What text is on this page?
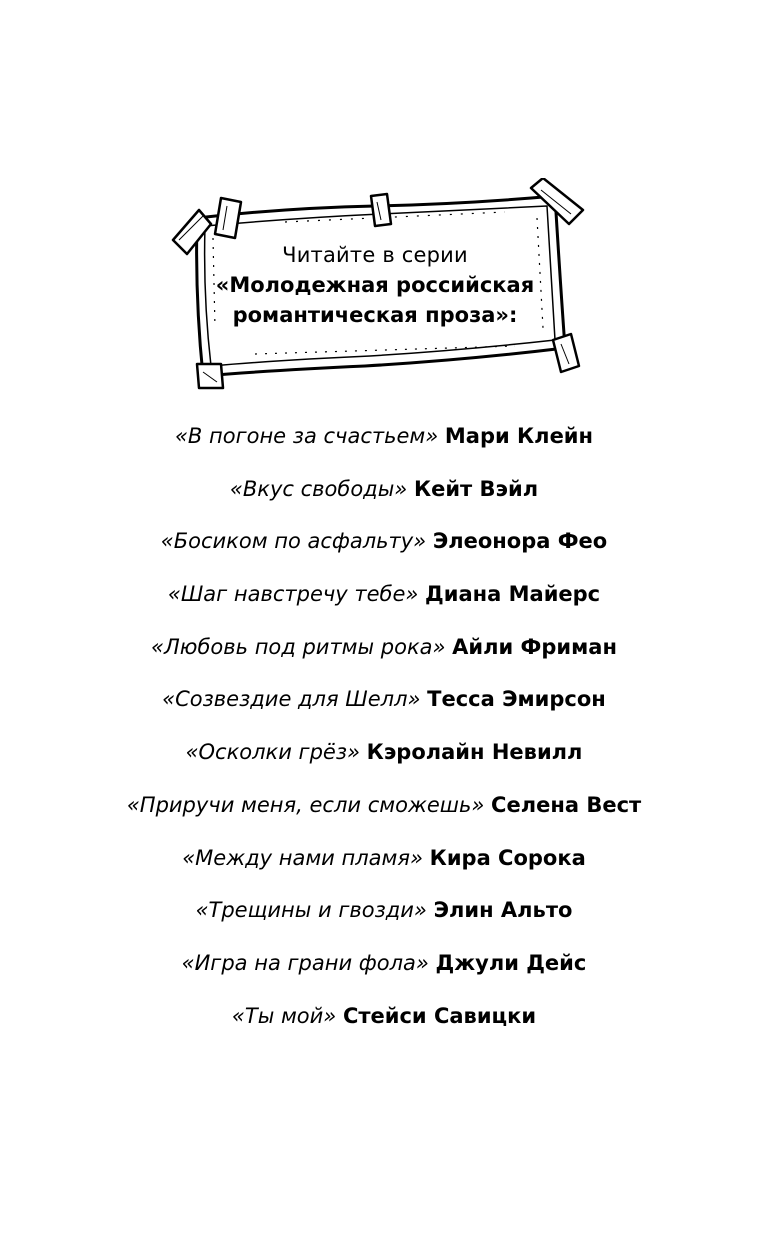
Читайте в серии
«Молодежная российская
романтическая проза»:
«В погоне за счастьем» Мари Клейн
«Вкус свободы» Кейт Вэйл
«Босиком по асфальту» Элеонора Фео
«Шаг навстречу тебе» Диана Майерс
«Любовь под ритмы рока» Айли Фриман
«Созвездие для Шелл» Тесса Эмирсон
«Осколки грёз» Кэролайн Невилл
«Приручи меня, если сможешь» Селена Вест
«Между нами пламя» Кира Сорока
«Трещины и гвозди» Элин Альто
«Игра на грани фола» Джули Дейс
«Ты мой» Стейси Савицки
